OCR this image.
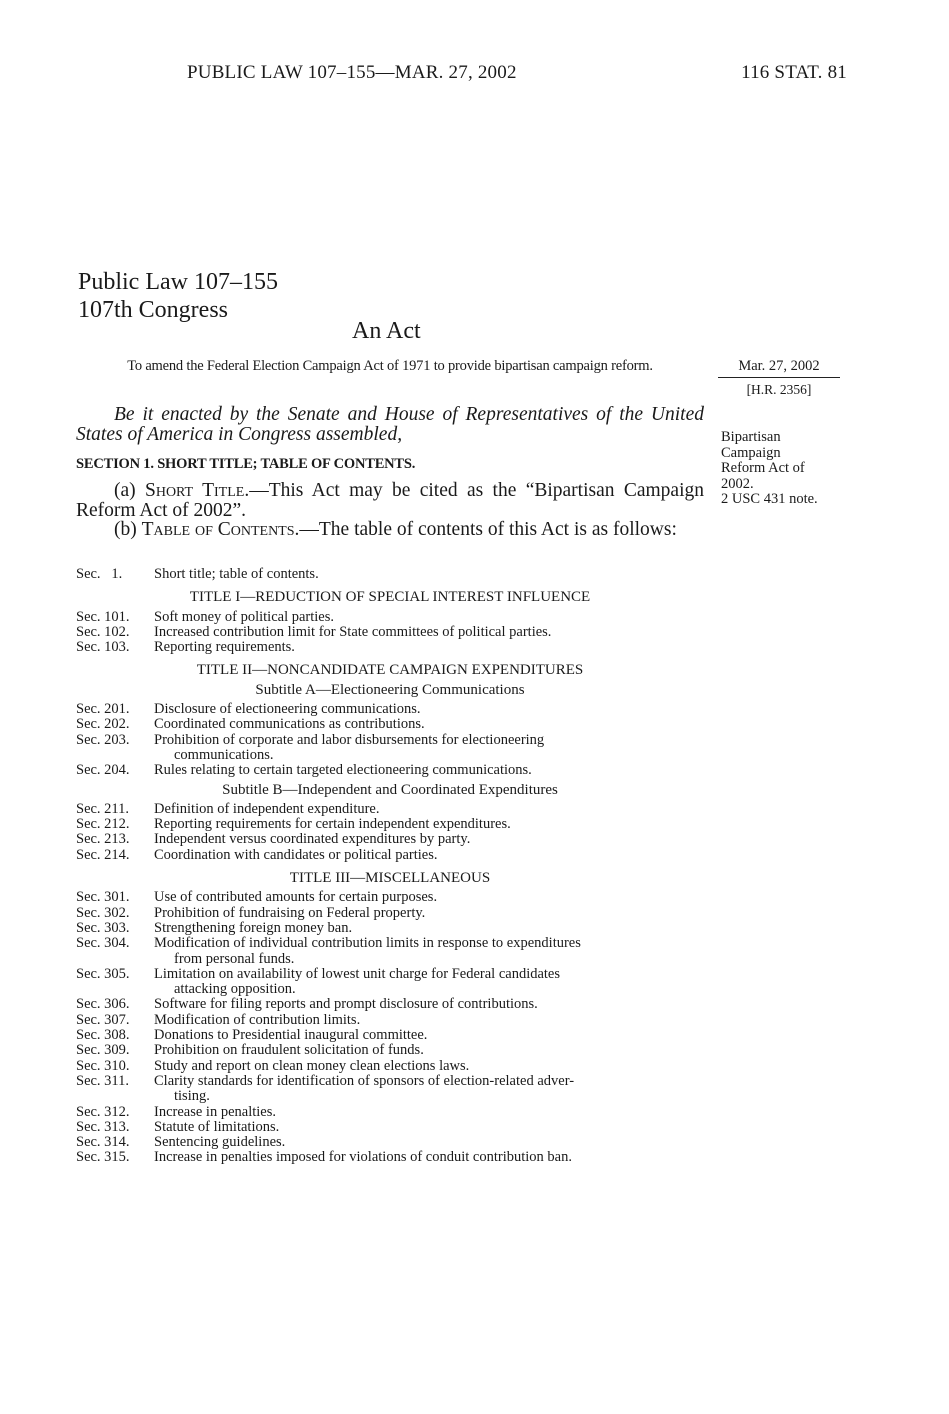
PUBLIC LAW 107–155—MAR. 27, 2002	116 STAT. 81
Public Law 107–155
107th Congress
An Act
To amend the Federal Election Campaign Act of 1971 to provide bipartisan campaign reform.	Mar. 27, 2002
[H.R. 2356]
Bipartisan
Campaign
Reform Act of
2002.
2 USC 431 note.
Be it enacted by the Senate and House of Representatives of the United States of America in Congress assembled,
SECTION 1. SHORT TITLE; TABLE OF CONTENTS.
(a) Short Title.—This Act may be cited as the “Bipartisan Campaign Reform Act of 2002”.
(b) Table of Contents.—The table of contents of this Act is as follows:
Sec.   1.	Short title; table of contents.
TITLE I—REDUCTION OF SPECIAL INTEREST INFLUENCE
Sec. 101.	Soft money of political parties.
Sec. 102.	Increased contribution limit for State committees of political parties.
Sec. 103.	Reporting requirements.
TITLE II—NONCANDIDATE CAMPAIGN EXPENDITURES
Subtitle A—Electioneering Communications
Sec. 201.	Disclosure of electioneering communications.
Sec. 202.	Coordinated communications as contributions.
Sec. 203.	Prohibition of corporate and labor disbursements for electioneering
communications.
Sec. 204.	Rules relating to certain targeted electioneering communications.
Subtitle B—Independent and Coordinated Expenditures
Sec. 211.	Definition of independent expenditure.
Sec. 212.	Reporting requirements for certain independent expenditures.
Sec. 213.	Independent versus coordinated expenditures by party.
Sec. 214.	Coordination with candidates or political parties.
TITLE III—MISCELLANEOUS
Sec. 301.	Use of contributed amounts for certain purposes.
Sec. 302.	Prohibition of fundraising on Federal property.
Sec. 303.	Strengthening foreign money ban.
Sec. 304.	Modification of individual contribution limits in response to expenditures
from personal funds.
Sec. 305.	Limitation on availability of lowest unit charge for Federal candidates
attacking opposition.
Sec. 306.	Software for filing reports and prompt disclosure of contributions.
Sec. 307.	Modification of contribution limits.
Sec. 308.	Donations to Presidential inaugural committee.
Sec. 309.	Prohibition on fraudulent solicitation of funds.
Sec. 310.	Study and report on clean money clean elections laws.
Sec. 311.	Clarity standards for identification of sponsors of election-related adver-
tising.
Sec. 312.	Increase in penalties.
Sec. 313.	Statute of limitations.
Sec. 314.	Sentencing guidelines.
Sec. 315.	Increase in penalties imposed for violations of conduit contribution ban.
